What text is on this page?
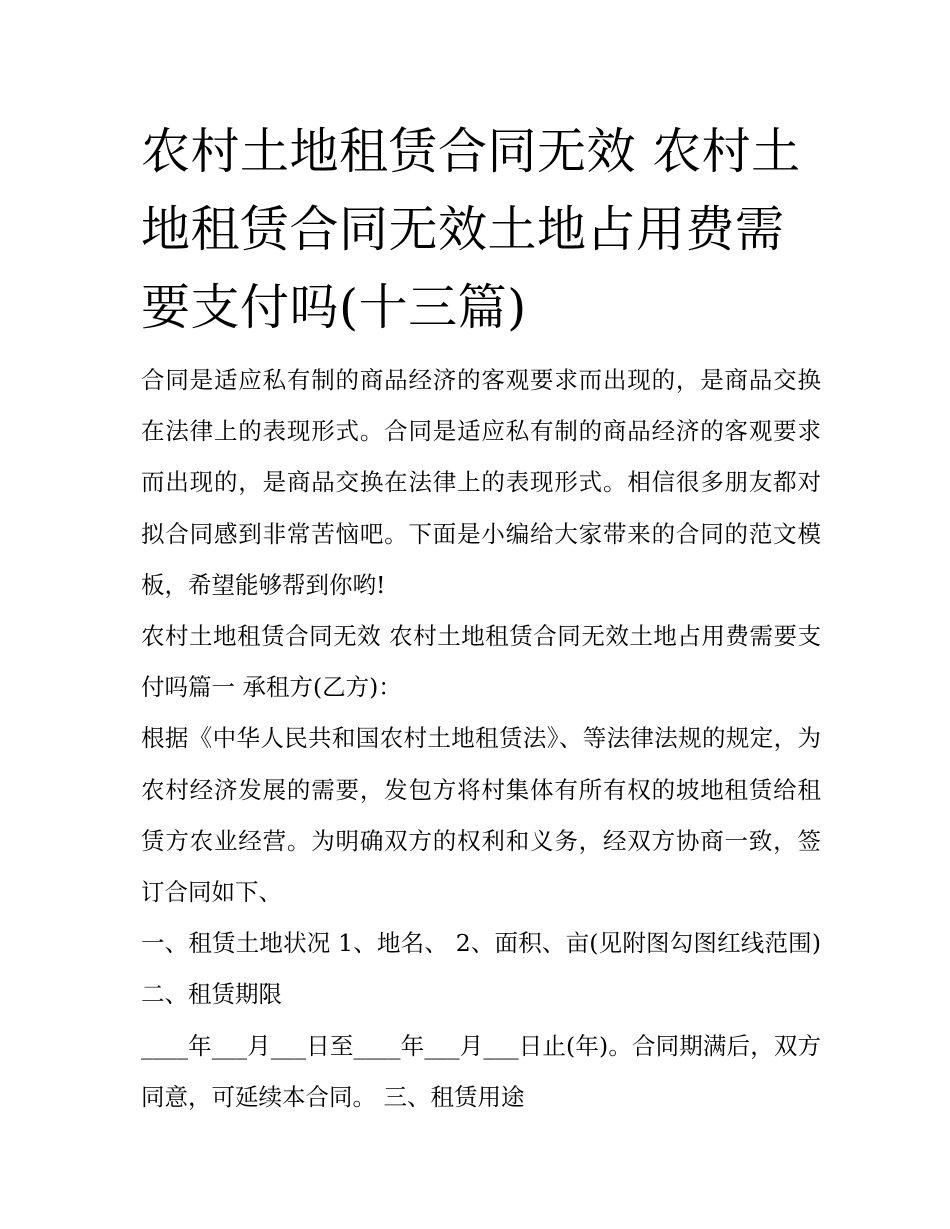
农村土地租赁合同无效 农村土地租赁合同无效土地占用费需要支付吗(十三篇)

合同是适应私有制的商品经济的客观要求而出现的，是商品交换在法律上的表现形式。合同是适应私有制的商品经济的客观要求而出现的，是商品交换在法律上的表现形式。相信很多朋友都对拟合同感到非常苦恼吧。下面是小编给大家带来的合同的范文模板，希望能够帮到你哟!

农村土地租赁合同无效 农村土地租赁合同无效土地占用费需要支付吗篇一 承租方(乙方)：

根据《中华人民共和国农村土地租赁法》、等法律法规的规定，为农村经济发展的需要，发包方将村集体有所有权的坡地租赁给租赁方农业经营。为明确双方的权利和义务，经双方协商一致，签订合同如下、

一、租赁土地状况 1、地名、 2、面积、亩(见附图勾图红线范围) 二、租赁期限

____年___月___日至____年___月___日止(年)。合同期满后，双方同意，可延续本合同。 三、租赁用途
